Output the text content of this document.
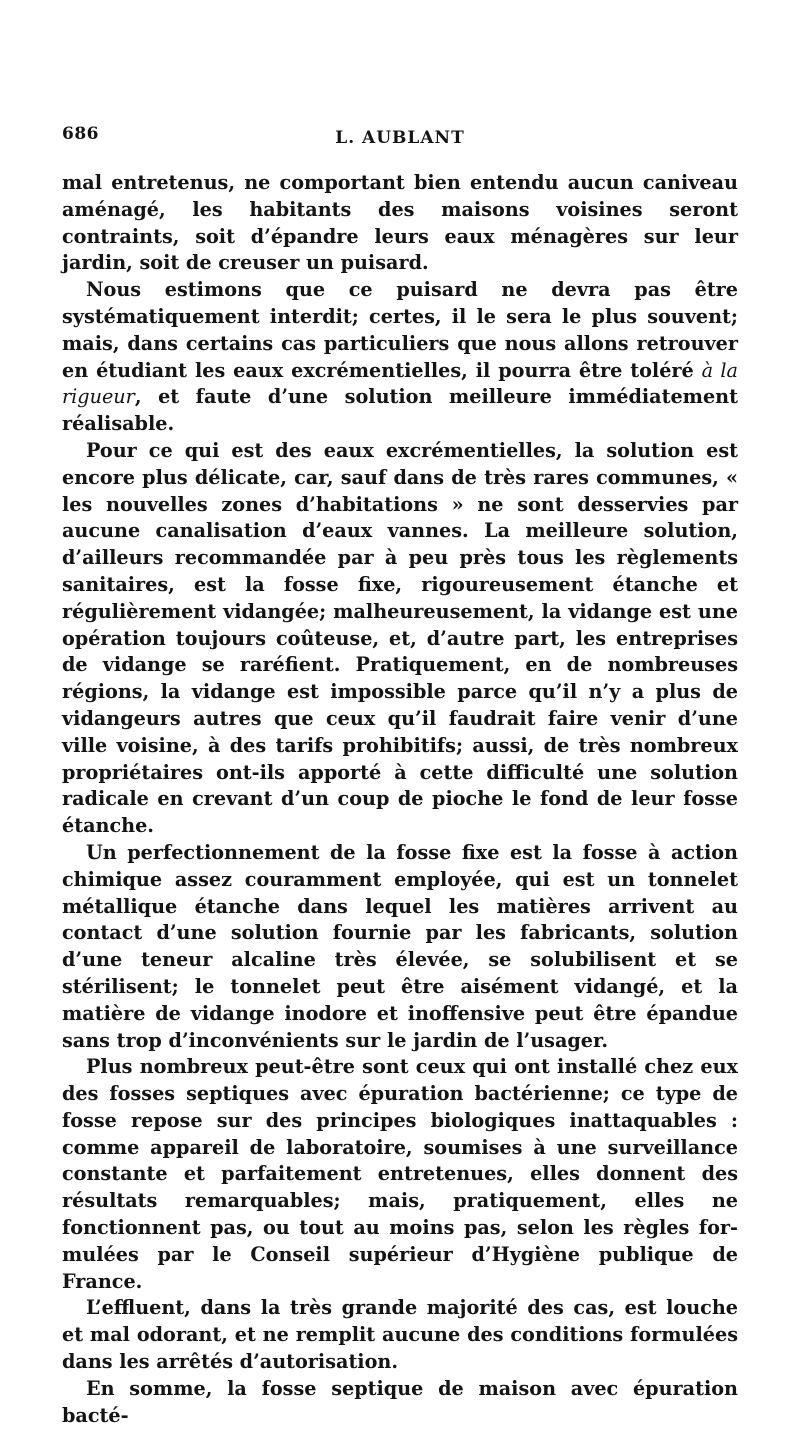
686	L. AUBLANT

mal entretenus, ne comportant bien entendu aucun caniveau aménagé, les habitants des maisons voisines seront contraints, soit d’épandre leurs eaux ménagères sur leur jardin, soit de creuser un puisard.

Nous estimons que ce puisard ne devra pas être systématiquement interdit; certes, il le sera le plus souvent; mais, dans certains cas particuliers que nous allons retrouver en étudiant les eaux excrémentielles, il pourra être toléré à la rigueur, et faute d’une solution meilleure immédiatement réalisable.

Pour ce qui est des eaux excrémentielles, la solution est encore plus délicate, car, sauf dans de très rares communes, « les nouvelles zones d’habitations » ne sont desservies par aucune canalisation d’eaux vannes. La meilleure solution, d’ailleurs recommandée par à peu près tous les règlements sanitaires, est la fosse fixe, rigoureusement étanche et régulièrement vidangée; malheureusement, la vidange est une opération toujours coûteuse, et, d’autre part, les entreprises de vidange se raréfient. Pratiquement, en de nombreuses régions, la vidange est impossible parce qu’il n’y a plus de vidangeurs autres que ceux qu’il faudrait faire venir d’une ville voisine, à des tarifs prohibitifs; aussi, de très nombreux propriétaires ont-ils apporté à cette difficulté une solution radicale en crevant d’un coup de pioche le fond de leur fosse étanche.

Un perfectionnement de la fosse fixe est la fosse à action chimique assez couramment employée, qui est un tonnelet métallique étanche dans lequel les matières arrivent au contact d’une solution fournie par les fabricants, solution d’une teneur alcaline très élevée, se solubilisent et se stérilisent; le tonnelet peut être aisément vidangé, et la matière de vidange inodore et inoffensive peut être épandue sans trop d’inconvénients sur le jardin de l’usager.

Plus nombreux peut-être sont ceux qui ont installé chez eux des fosses septiques avec épuration bactérienne; ce type de fosse repose sur des principes biologiques inattaquables : comme appareil de laboratoire, soumises à une surveillance constante et parfaitement entretenues, elles donnent des résultats remarquables; mais, pratiquement, elles ne fonctionnent pas, ou tout au moins pas, selon les règles formulées par le Conseil supérieur d’Hygiène publique de France.

L’effluent, dans la très grande majorité des cas, est louche et mal odorant, et ne remplit aucune des conditions formulées dans les arrêtés d’autorisation.

En somme, la fosse septique de maison avec épuration bacté-
